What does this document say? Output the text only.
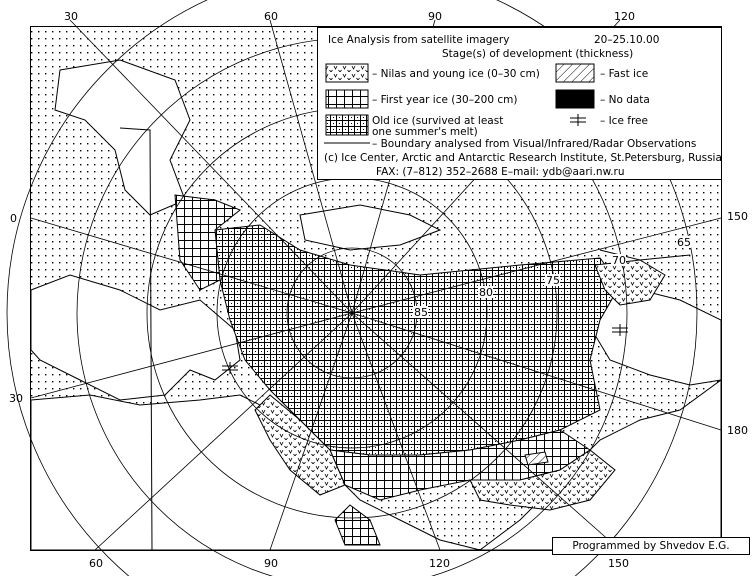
Ice Analysis from satellite imagery	20–25.10.00
Stage(s) of development (thickness)
– Nilas and young ice (0–30 cm)	– Fast ice
– First year ice (30–200 cm)	– No data
Old ice (survived at least
one summer's melt)
– Ice free
– Boundary analysed from Visual/Infrared/Radar Observations
(c) Ice Center, Arctic and Antarctic Research Institute, St.Petersburg, Russia
FAX: (7–812) 352–2688 E–mail: ydb@aari.nw.ru
85
80
75
70
65
30	60	90	120
60	90	120	150
0
30
150
180
Programmed by Shvedov E.G.
